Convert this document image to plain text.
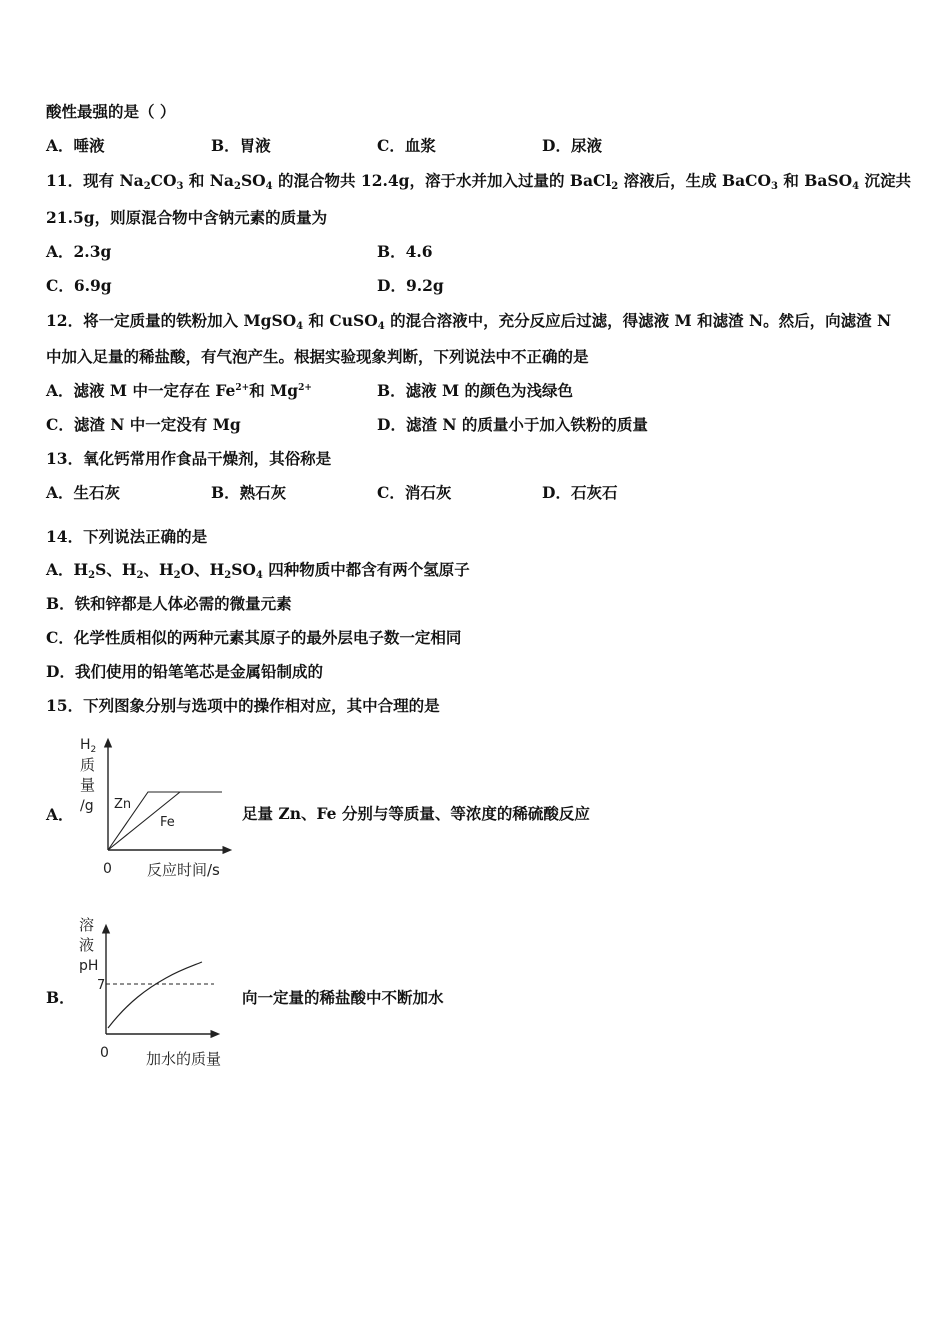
酸性最强的是（ ）
A．唾液	B．胃液	C．血浆	D．尿液
11．现有 $Na_2CO_3$ 和 $Na_2SO_4$ 的混合物共 12.4g，溶于水并加入过量的 BaCl$_2$ 溶液后，生成 BaCO$_3$ 和 BaSO$_4$ 沉淀共
21.5g，则原混合物中含钠元素的质量为
A．2.3g	B．4.6
C．6.9g	D．9.2g
12．将一定质量的铁粉加入 MgSO$_4$ 和 CuSO$_4$ 的混合溶液中，充分反应后过滤，得滤液 M 和滤渣 N。然后，向滤渣 N
中加入足量的稀盐酸，有气泡产生。根据实验现象判断，下列说法中不正确的是
A．滤液 M 中一定存在 $Fe^{2+}$和 $Mg^{2+}$	B．滤液 M 的颜色为浅绿色
C．滤渣 N 中一定没有 Mg	D．滤渣 N 的质量小于加入铁粉的质量
13．氧化钙常用作食品干燥剂，其俗称是
A．生石灰	B．熟石灰	C．消石灰	D．石灰石
14．下列说法正确的是
A．$H_2S$、$H_2$、$H_2O$、$H_2SO_4$ 四种物质中都含有两个氢原子
B．铁和锌都是人体必需的微量元素
C．化学性质相似的两种元素其原子的最外层电子数一定相同
D．我们使用的铅笔笔芯是金属铅制成的
15．下列图象分别与选项中的操作相对应，其中合理的是
A．
$H_2$
质
量
/g Zn
Fe
0 反应时间/s
足量 Zn、Fe 分别与等质量、等浓度的稀硫酸反应
B．
溶
液
pH
7
0 加水的质量
向一定量的稀盐酸中不断加水
